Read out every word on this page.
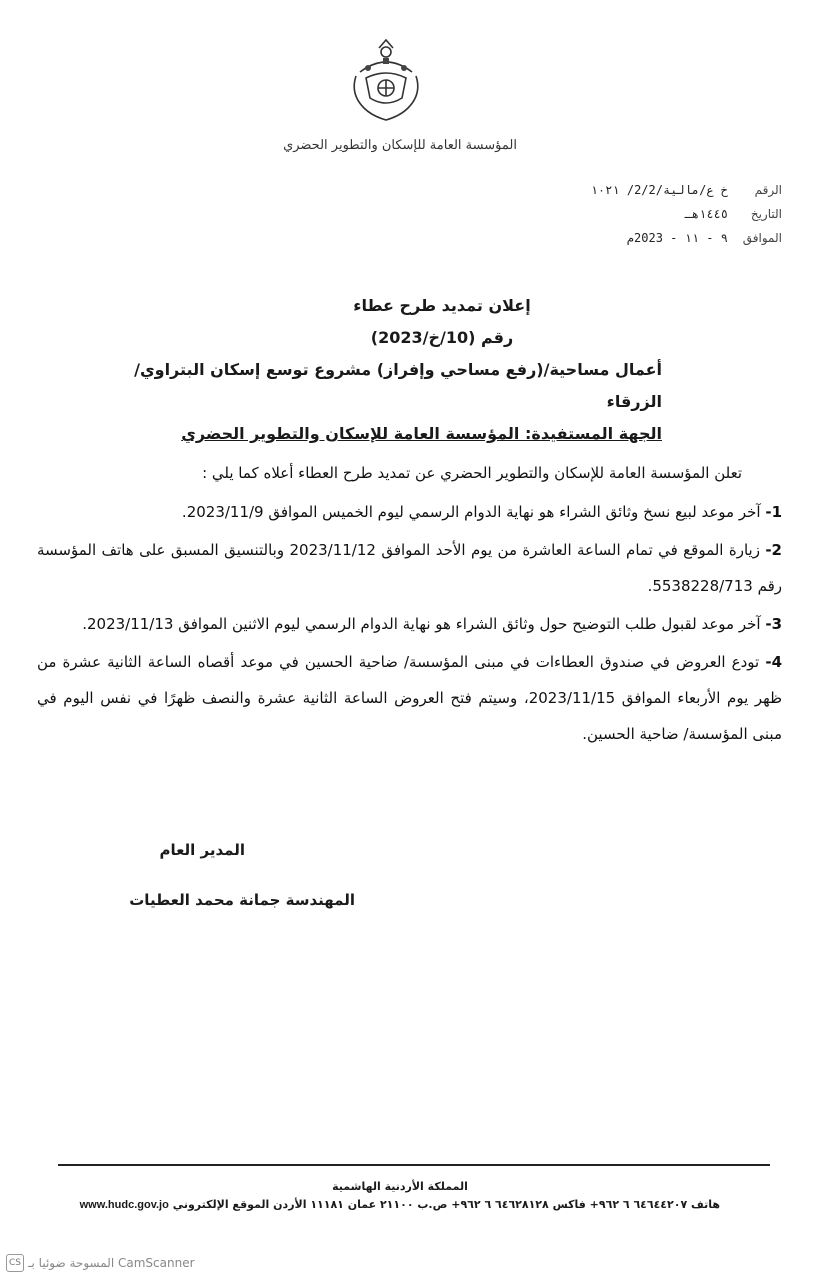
المؤسسة العامة للإسكان والتطوير الحضري
الرقم
خ ع/مالية/2/2/ ١٠٢١
التاريخ
١٤٤٥هـ
الموافق
٩ - ١١ - 2023م
إعلان تمديد طرح عطاء
رقم (10/خ/2023)
أعمال مساحية/(رفع مساحي وإفراز) مشروع توسع إسكان البتراوي/الزرقاء
الجهة المستفيدة: المؤسسة العامة للإسكان والتطوير الحضري
تعلن المؤسسة العامة للإسكان والتطوير الحضري عن تمديد طرح العطاء أعلاه كما يلي :
1- آخر موعد لبيع نسخ وثائق الشراء هو نهاية الدوام الرسمي ليوم الخميس الموافق 2023/11/9.
2- زيارة الموقع في تمام الساعة العاشرة من يوم الأحد الموافق 2023/11/12 وبالتنسيق المسبق على هاتف المؤسسة رقم 5538228/713.
3- آخر موعد لقبول طلب التوضيح حول وثائق الشراء هو نهاية الدوام الرسمي ليوم الاثنين الموافق 2023/11/13.
4- تودع العروض في صندوق العطاءات في مبنى المؤسسة/ ضاحية الحسين في موعد أقصاه الساعة الثانية عشرة من ظهر يوم الأربعاء الموافق 2023/11/15، وسيتم فتح العروض الساعة الثانية عشرة والنصف ظهرًا في نفس اليوم في مبنى المؤسسة/ ضاحية الحسين.
المدير العام
المهندسة جمانة محمد العطيات
المملكة الأردنية الهاشمية
هاتف ٦٤٦٤٤٢٠٧ ٦ ٩٦٢+ فاكس ٦٤٦٢٨١٢٨ ٦ ٩٦٢+ ص.ب ٢١١٠٠ عمان ١١١٨١ الأردن الموقع الإلكتروني www.hudc.gov.jo
CS المسوحة ضوئيا بـ CamScanner
